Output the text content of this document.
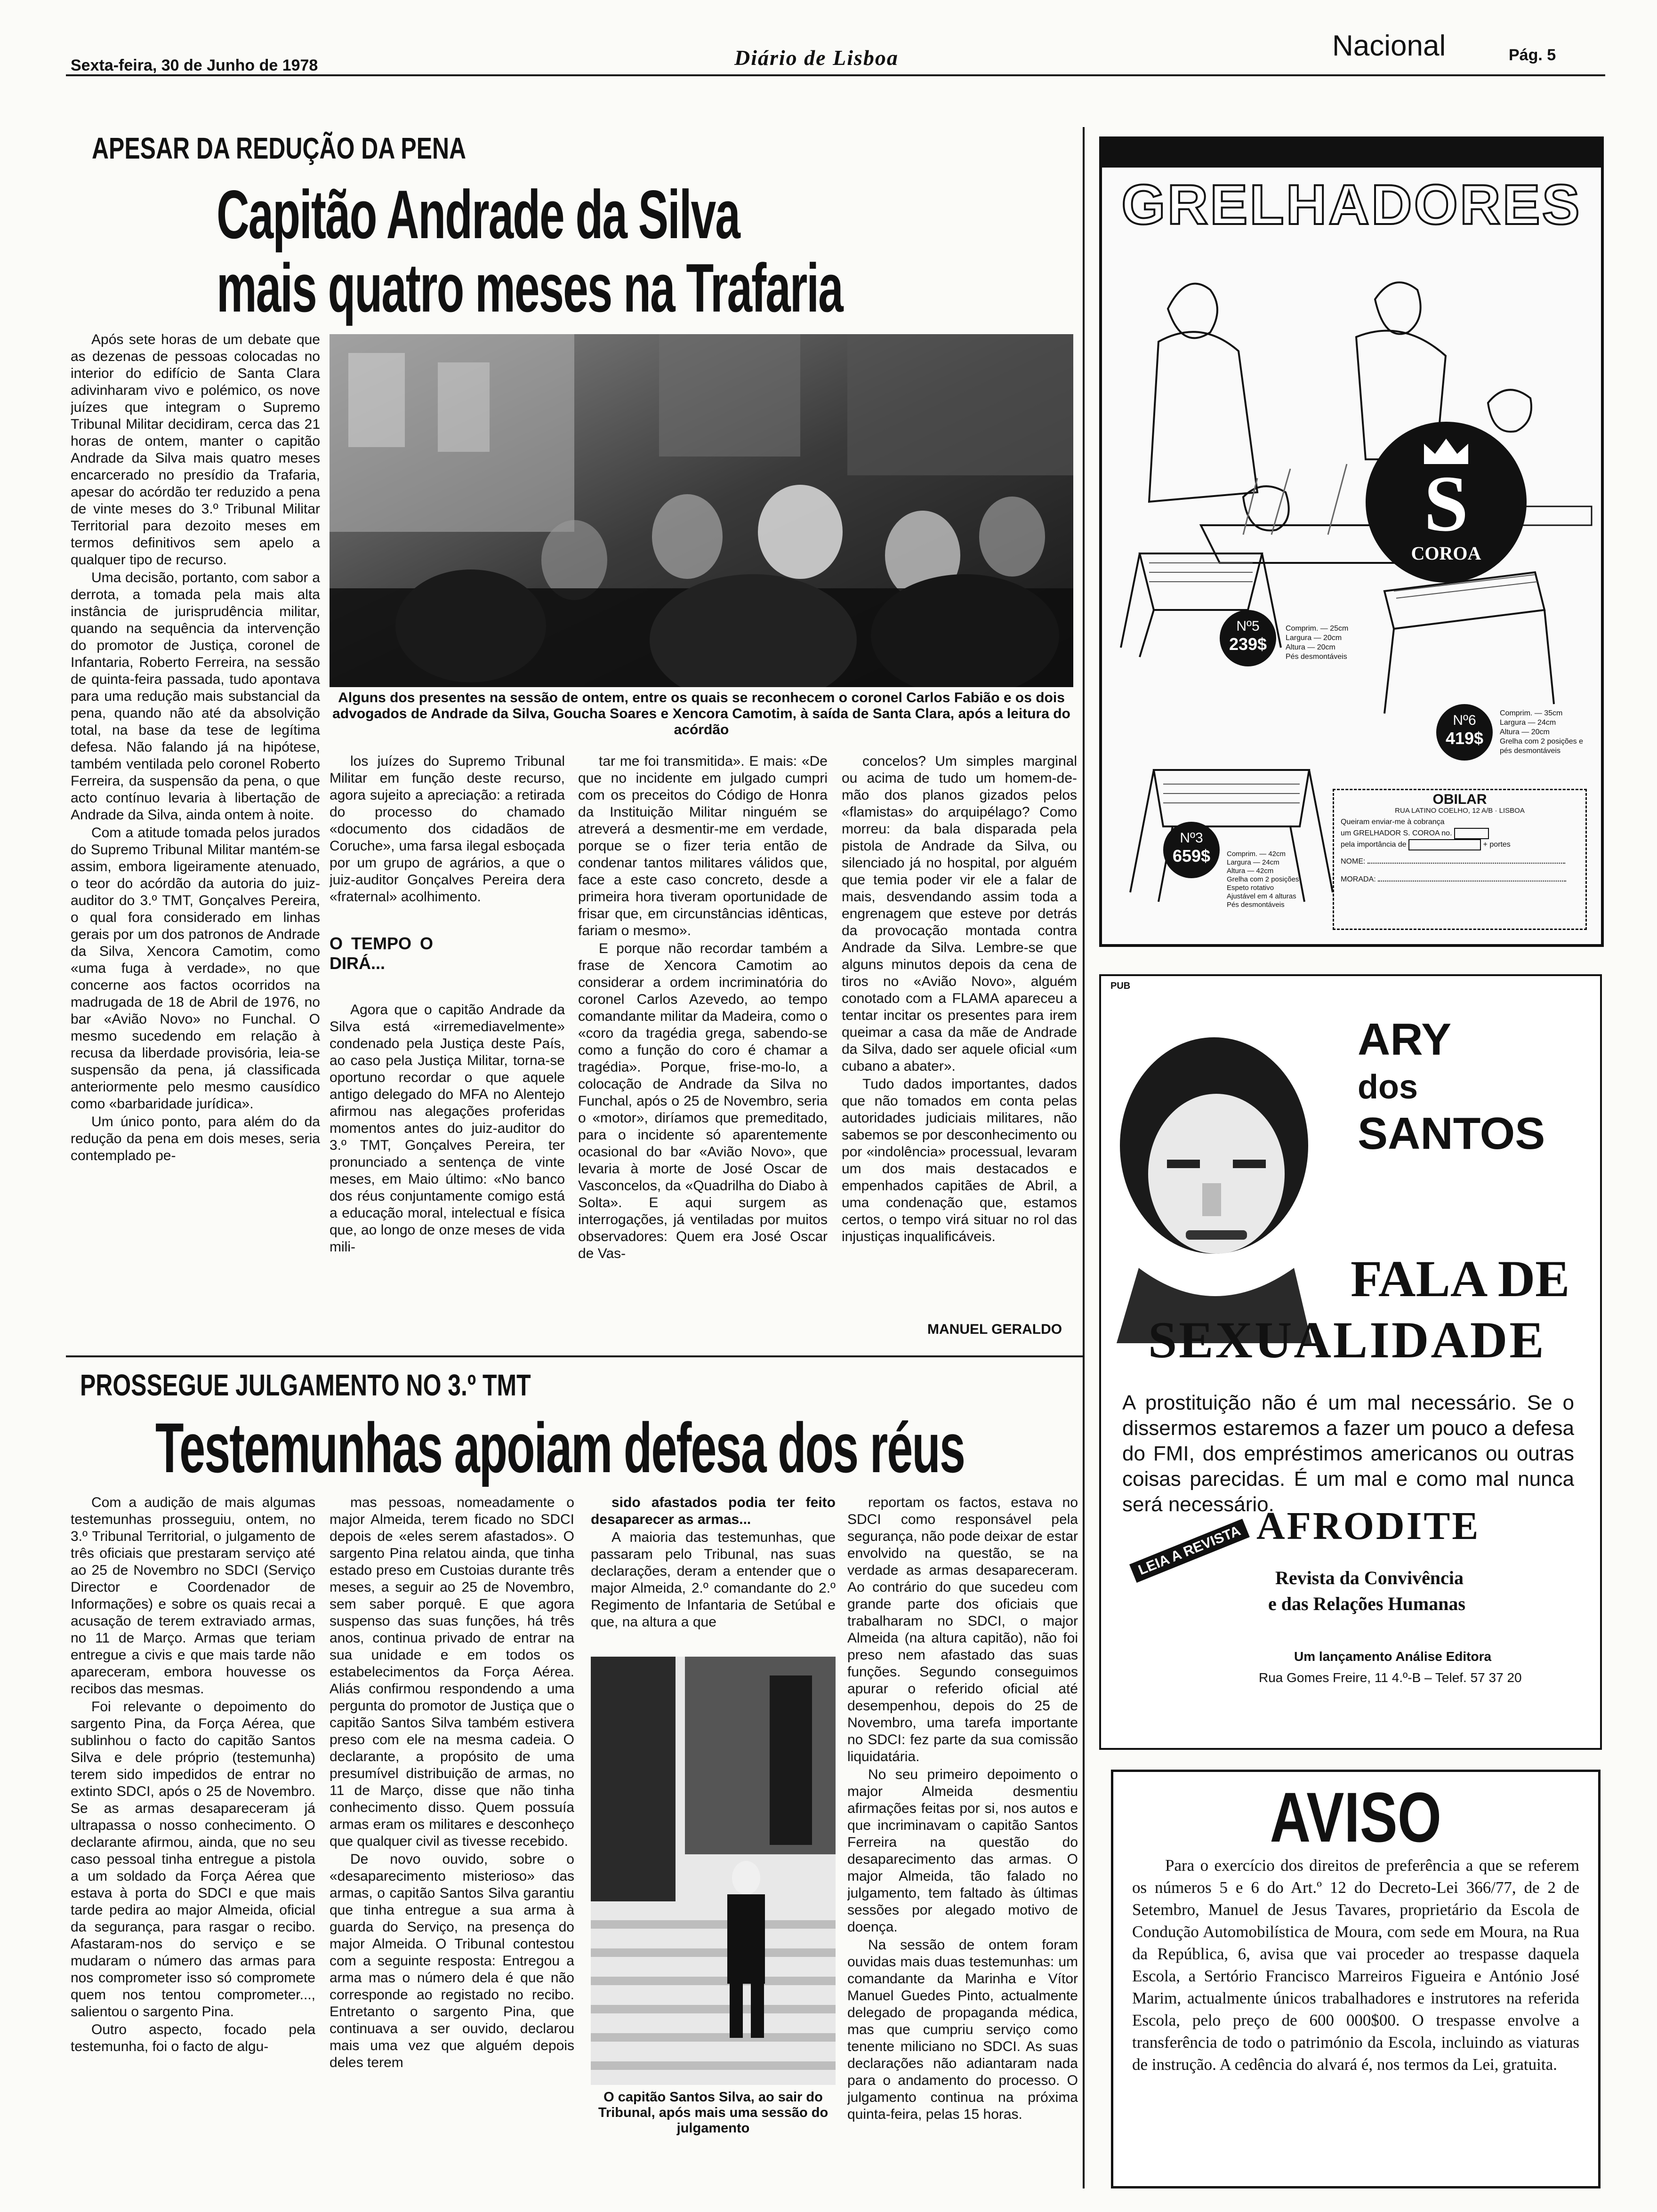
Sexta-feira, 30 de Junho de 1978	Diário de Lisboa	Nacional	Pág. 5
APESAR DA REDUÇÃO DA PENA
Capitão Andrade da Silva
mais quatro meses na Trafaria
Alguns dos presentes na sessão de ontem, entre os quais se reconhecem o coronel Carlos Fabião e os dois advogados de Andrade da Silva, Goucha Soares e Xencora Camotim, à saída de Santa Clara, após a leitura do acórdão

Após sete horas de um debate que as dezenas de pessoas colocadas no interior do edifício de Santa Clara adivinharam vivo e polémico, os nove juízes que integram o Supremo Tribunal Militar decidiram, cerca das 21 horas de ontem, manter o capitão Andrade da Silva mais quatro meses encarcerado no presídio da Trafaria, apesar do acórdão ter reduzido a pena de vinte meses do 3.º Tribunal Militar Territorial para dezoito meses em termos definitivos sem apelo a qualquer tipo de recurso.

Uma decisão, portanto, com sabor a derrota, a tomada pela mais alta instância de jurisprudência militar, quando na sequência da intervenção do promotor de Justiça, coronel de Infantaria, Roberto Ferreira, na sessão de quinta-feira passada, tudo apontava para uma redução mais substancial da pena, quando não até da absolvição total, na base da tese de legítima defesa. Não falando já na hipótese, também ventilada pelo coronel Roberto Ferreira, da suspensão da pena, o que acto contínuo levaria à libertação de Andrade da Silva, ainda ontem à noite.

Com a atitude tomada pelos jurados do Supremo Tribunal Militar mantém-se assim, embora ligeiramente atenuado, o teor do acórdão da autoria do juiz-auditor do 3.º TMT, Gonçalves Pereira, o qual fora considerado em linhas gerais por um dos patronos de Andrade da Silva, Xencora Camotim, como «uma fuga à verdade», no que concerne aos factos ocorridos na madrugada de 18 de Abril de 1976, no bar «Avião Novo» no Funchal. O mesmo sucedendo em relação à recusa da liberdade provisória, leia-se suspensão da pena, já classificada anteriormente pelo mesmo causídico como «barbaridade jurídica».

Um único ponto, para além do da redução da pena em dois meses, seria contemplado pe-

los juízes do Supremo Tribunal Militar em função deste recurso, agora sujeito a apreciação: a retirada do processo do chamado «documento dos cidadãos de Coruche», uma farsa ilegal esboçada por um grupo de agrários, a que o juiz-auditor Gonçalves Pereira dera «fraternal» acolhimento.

O TEMPO O DIRÁ...

Agora que o capitão Andrade da Silva está «irremediavelmente» condenado pela Justiça deste País, ao caso pela Justiça Militar, torna-se oportuno recordar o que aquele antigo delegado do MFA no Alentejo afirmou nas alegações proferidas momentos antes do juiz-auditor do 3.º TMT, Gonçalves Pereira, ter pronunciado a sentença de vinte meses, em Maio último: «No banco dos réus conjuntamente comigo está a educação moral, intelectual e física que, ao longo de onze meses de vida mili-

tar me foi transmitida». E mais: «De que no incidente em julgado cumpri com os preceitos do Código de Honra da Instituição Militar ninguém se atreverá a desmentir-me em verdade, porque se o fizer teria então de condenar tantos militares válidos que, face a este caso concreto, desde a primeira hora tiveram oportunidade de frisar que, em circunstâncias idênticas, fariam o mesmo».

E porque não recordar também a frase de Xencora Camotim ao considerar a ordem incriminatória do coronel Carlos Azevedo, ao tempo comandante militar da Madeira, como o «coro da tragédia grega, sabendo-se como a função do coro é chamar a tragédia». Porque, frise-mo-lo, a colocação de Andrade da Silva no Funchal, após o 25 de Novembro, seria o «motor», diríamos que premeditado, para o incidente só aparentemente ocasional do bar «Avião Novo», que levaria à morte de José Oscar de Vasconcelos, da «Quadrilha do Diabo à Solta». E aqui surgem as interrogações, já ventiladas por muitos observadores: Quem era José Oscar de Vas-

concelos? Um simples marginal ou acima de tudo um homem-de-mão dos planos gizados pelos «flamistas» do arquipélago? Como morreu: da bala disparada pela pistola de Andrade da Silva, ou silenciado já no hospital, por alguém que temia poder vir ele a falar de mais, desvendando assim toda a engrenagem que esteve por detrás da provocação montada contra Andrade da Silva. Lembre-se que alguns minutos depois da cena de tiros no «Avião Novo», alguém conotado com a FLAMA apareceu a tentar incitar os presentes para irem queimar a casa da mãe de Andrade da Silva, dado ser aquele oficial «um cubano a abater».

Tudo dados importantes, dados que não tomados em conta pelas autoridades judiciais militares, não sabemos se por desconhecimento ou por «indolência» processual, levaram um dos mais destacados e empenhados capitães de Abril, a uma condenação que, estamos certos, o tempo virá situar no rol das injustiças inqualificáveis.

MANUEL GERALDO
PROSSEGUE JULGAMENTO NO 3.º TMT
Testemunhas apoiam defesa dos réus
O capitão Santos Silva, ao sair do Tribunal, após mais uma sessão do julgamento

Com a audição de mais algumas testemunhas prosseguiu, ontem, no 3.º Tribunal Territorial, o julgamento de três oficiais que prestaram serviço até ao 25 de Novembro no SDCI (Serviço Director e Coordenador de Informações) e sobre os quais recai a acusação de terem extraviado armas, no 11 de Março. Armas que teriam entregue a civis e que mais tarde não apareceram, embora houvesse os recibos das mesmas.

Foi relevante o depoimento do sargento Pina, da Força Aérea, que sublinhou o facto do capitão Santos Silva e dele próprio (testemunha) terem sido impedidos de entrar no extinto SDCI, após o 25 de Novembro. Se as armas desapareceram já ultrapassa o nosso conhecimento. O declarante afirmou, ainda, que no seu caso pessoal tinha entregue a pistola a um soldado da Força Aérea que estava à porta do SDCI e que mais tarde pedira ao major Almeida, oficial da segurança, para rasgar o recibo. Afastaram-nos do serviço e se mudaram o número das armas para nos comprometer isso só compromete quem nos tentou comprometer..., salientou o sargento Pina.

Outro aspecto, focado pela testemunha, foi o facto de algu-

mas pessoas, nomeadamente o major Almeida, terem ficado no SDCI depois de «eles serem afastados». O sargento Pina relatou ainda, que tinha estado preso em Custoias durante três meses, a seguir ao 25 de Novembro, sem saber porquê. E que agora suspenso das suas funções, há três anos, continua privado de entrar na sua unidade e em todos os estabelecimentos da Força Aérea. Aliás confirmou respondendo a uma pergunta do promotor de Justiça que o capitão Santos Silva também estivera preso com ele na mesma cadeia. O declarante, a propósito de uma presumível distribuição de armas, no 11 de Março, disse que não tinha conhecimento disso. Quem possuía armas eram os militares e desconheço que qualquer civil as tivesse recebido.

De novo ouvido, sobre o «desaparecimento misterioso» das armas, o capitão Santos Silva garantiu que tinha entregue a sua arma à guarda do Serviço, na presença do major Almeida. O Tribunal contestou com a seguinte resposta: Entregou a arma mas o número dela é que não corresponde ao registado no recibo. Entretanto o sargento Pina, que continuava a ser ouvido, declarou mais uma vez que alguém depois deles terem

sido afastados podia ter feito desaparecer as armas...

A maioria das testemunhas, que passaram pelo Tribunal, nas suas declarações, deram a entender que o major Almeida, 2.º comandante do 2.º Regimento de Infantaria de Setúbal e que, na altura a que

reportam os factos, estava no SDCI como responsável pela segurança, não pode deixar de estar envolvido na questão, se na verdade as armas desapareceram. Ao contrário do que sucedeu com grande parte dos oficiais que trabalharam no SDCI, o major Almeida (na altura capitão), não foi preso nem afastado das suas funções. Segundo conseguimos apurar o referido oficial até desempenhou, depois do 25 de Novembro, uma tarefa importante no SDCI: fez parte da sua comissão liquidatária.

No seu primeiro depoimento o major Almeida desmentiu afirmações feitas por si, nos autos e que incriminavam o capitão Santos Ferreira na questão do desaparecimento das armas. O major Almeida, tão falado no julgamento, tem faltado às últimas sessões por alegado motivo de doença.

Na sessão de ontem foram ouvidas mais duas testemunhas: um comandante da Marinha e Vítor Manuel Guedes Pinto, actualmente delegado de propaganda médica, mas que cumpriu serviço como tenente miliciano no SDCI. As suas declarações não adiantaram nada para o andamento do processo. O julgamento continua na próxima quinta-feira, pelas 15 horas.

GRELHADORES
S
COROA
Nº5
239$
Comprim. — 25cm
Largura — 20cm
Altura — 20cm
Pés desmontáveis
Nº6
419$
Comprim. — 35cm
Largura — 24cm
Altura — 20cm
Grelha com 2 posições e pés desmontáveis
Nº3
659$	Comprim. — 42cm
Largura — 24cm
Altura — 42cm
Grelha com 2 posições
Espeto rotativo
Ajustável em 4 alturas
Pés desmontáveis
OBILAR
RUA LATINO COELHO, 12 A/B · LISBOA
Queiram enviar-me à cobrança
um GRELHADOR S. COROA no.
pela importância de	+ portes
NOME:
MORADA:
PUB
ARY
dos
SANTOS
FALA DE
SEXUALIDADE
A prostituição não é um mal necessário. Se o dissermos estaremos a fazer um pouco a defesa do FMI, dos empréstimos americanos ou outras coisas parecidas. É um mal e como mal nunca será necessário.
LEIA A REVISTA AFRODITE
Revista da Convivência
e das Relações Humanas
Um lançamento Análise Editora
Rua Gomes Freire, 11 4.º-B – Telef. 57 37 20
AVISO
Para o exercício dos direitos de preferência a que se referem os números 5 e 6 do Art.º 12 do Decreto-Lei 366/77, de 2 de Setembro, Manuel de Jesus Tavares, proprietário da Escola de Condução Automobilística de Moura, com sede em Moura, na Rua da República, 6, avisa que vai proceder ao trespasse daquela Escola, a Sertório Francisco Marreiros Figueira e António José Marim, actualmente únicos trabalhadores e instrutores na referida Escola, pelo preço de 600 000$00. O trespasse envolve a transferência de todo o património da Escola, incluindo as viaturas de instrução. A cedência do alvará é, nos termos da Lei, gratuita.
